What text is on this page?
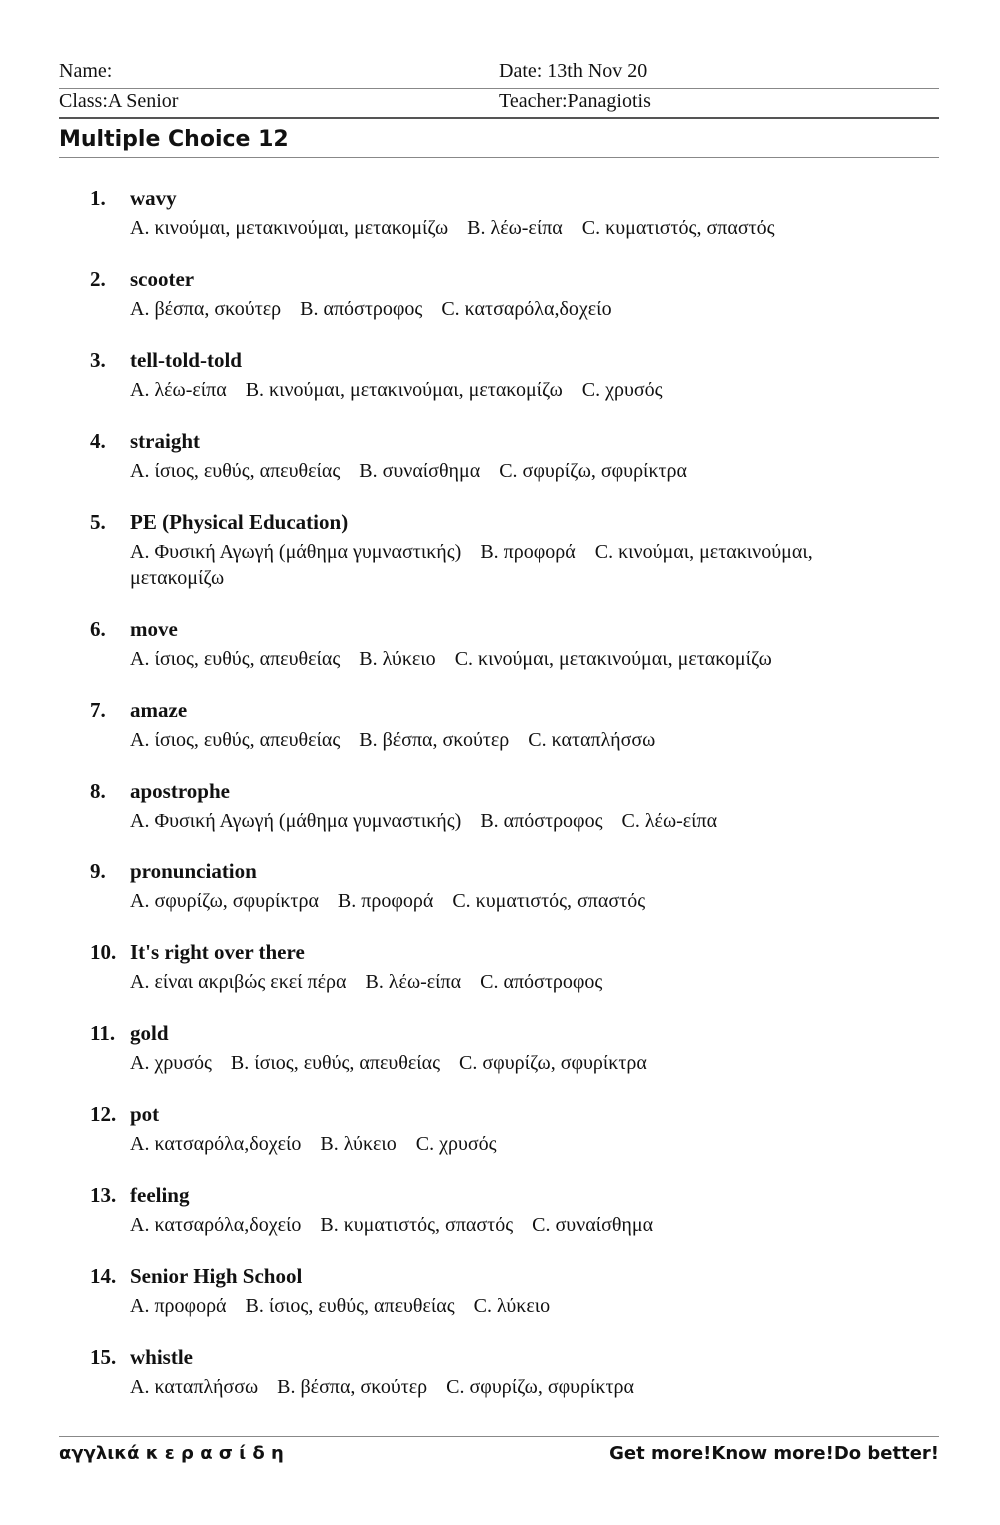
Name:	Date: 13th Nov 20
Class:A Senior	Teacher:Panagiotis
Multiple Choice 12
1. wavy
A. κινούμαι, μετακινούμαι, μετακομίζω B. λέω-είπα C. κυματιστός, σπαστός
2. scooter
A. βέσπα, σκούτερ B. απόστροφος C. κατσαρόλα,δοχείο
3. tell-told-told
A. λέω-είπα B. κινούμαι, μετακινούμαι, μετακομίζω C. χρυσός
4. straight
A. ίσιος, ευθύς, απευθείας B. συναίσθημα C. σφυρίζω, σφυρίκτρα
5. PE (Physical Education)
A. Φυσική Αγωγή (μάθημα γυμναστικής) B. προφορά C. κινούμαι, μετακινούμαι, μετακομίζω
6. move
A. ίσιος, ευθύς, απευθείας B. λύκειο C. κινούμαι, μετακινούμαι, μετακομίζω
7. amaze
A. ίσιος, ευθύς, απευθείας B. βέσπα, σκούτερ C. καταπλήσσω
8. apostrophe
A. Φυσική Αγωγή (μάθημα γυμναστικής) B. απόστροφος C. λέω-είπα
9. pronunciation
A. σφυρίζω, σφυρίκτρα B. προφορά C. κυματιστός, σπαστός
10. It's right over there
A. είναι ακριβώς εκεί πέρα B. λέω-είπα C. απόστροφος
11. gold
A. χρυσός B. ίσιος, ευθύς, απευθείας C. σφυρίζω, σφυρίκτρα
12. pot
A. κατσαρόλα,δοχείο B. λύκειο C. χρυσός
13. feeling
A. κατσαρόλα,δοχείο B. κυματιστός, σπαστός C. συναίσθημα
14. Senior High School
A. προφορά B. ίσιος, ευθύς, απευθείας C. λύκειο
15. whistle
A. καταπλήσσω B. βέσπα, σκούτερ C. σφυρίζω, σφυρίκτρα
αγγλικά κ ε ρ α σ ί δ η	Get more!Know more!Do better!
